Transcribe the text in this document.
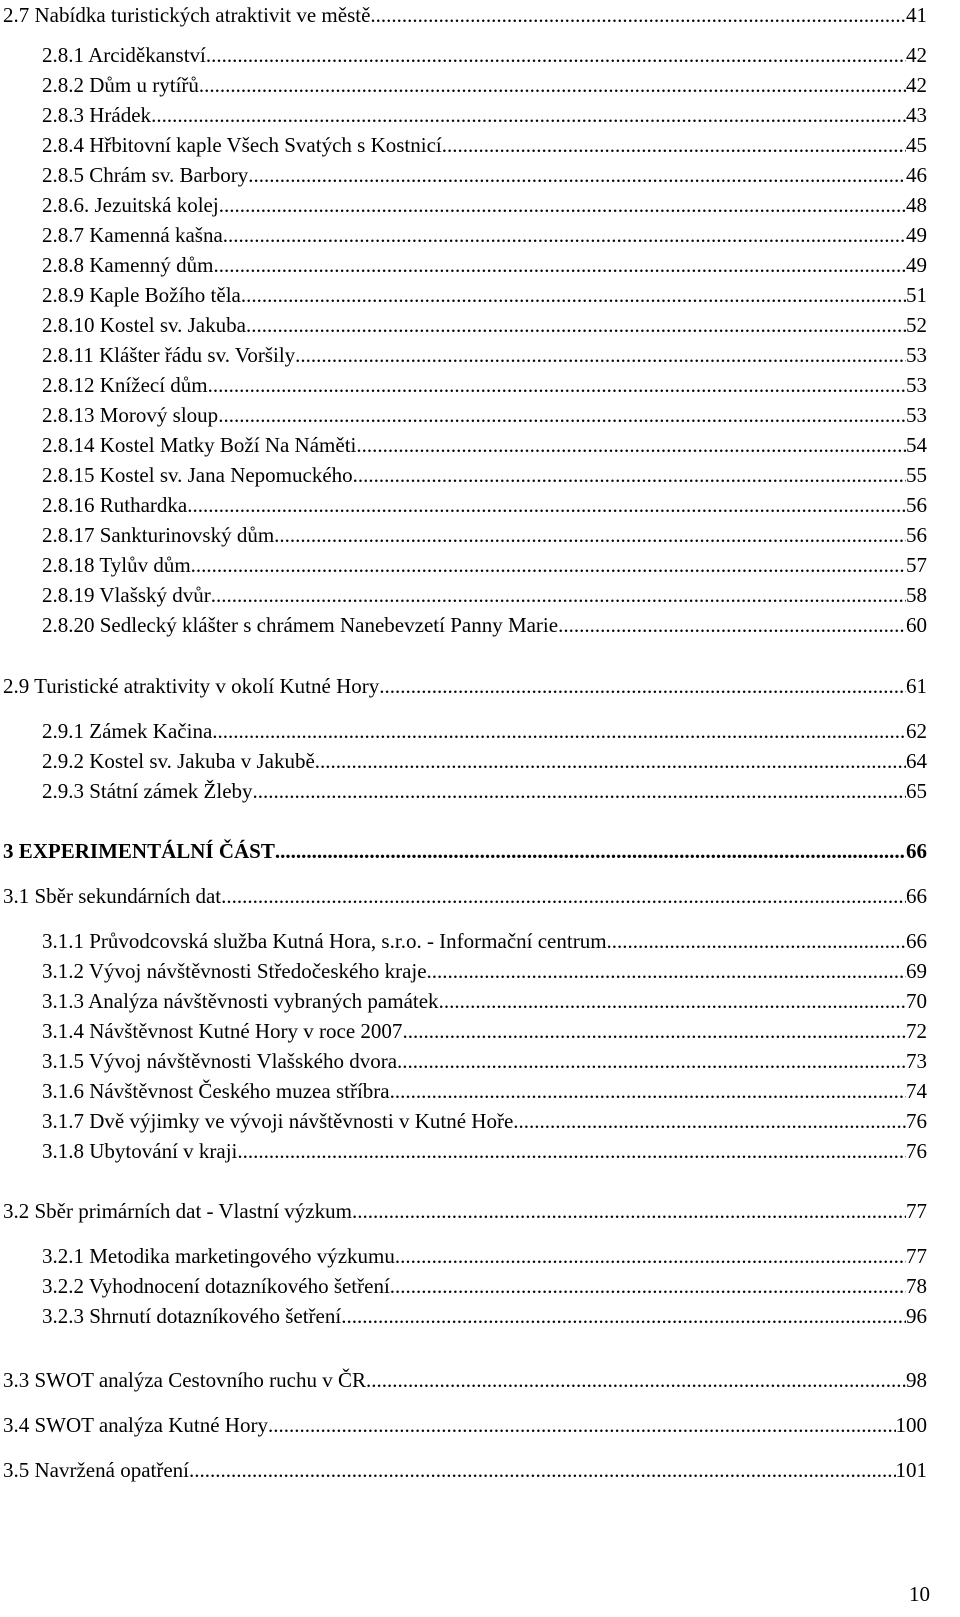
2.7 Nabídka turistických atraktivit ve městě .....	41
2.8.1 Arciděkanství .....	42
2.8.2 Dům u rytířů .....	42
2.8.3 Hrádek .....	43
2.8.4 Hřbitovní kaple Všech Svatých s Kostnicí .....	45
2.8.5 Chrám sv. Barbory .....	46
2.8.6. Jezuitská kolej .....	48
2.8.7 Kamenná kašna .....	49
2.8.8 Kamenný dům .....	49
2.8.9 Kaple Božího těla .....	51
2.8.10 Kostel sv. Jakuba .....	52
2.8.11 Klášter řádu sv. Voršily .....	53
2.8.12 Knížecí dům .....	53
2.8.13 Morový sloup .....	53
2.8.14 Kostel Matky Boží Na Náměti .....	54
2.8.15 Kostel sv. Jana Nepomuckého .....	55
2.8.16 Ruthardka .....	56
2.8.17 Sankturinovský dům .....	56
2.8.18 Tylův dům .....	57
2.8.19 Vlašský dvůr .....	58
2.8.20 Sedlecký klášter s chrámem Nanebevzetí Panny Marie .....	60
2.9 Turistické atraktivity v okolí Kutné Hory .....	61
2.9.1 Zámek Kačina .....	62
2.9.2 Kostel sv. Jakuba v Jakubě .....	64
2.9.3 Státní zámek Žleby .....	65
3 EXPERIMENTÁLNÍ ČÁST .....	66
3.1 Sběr sekundárních dat .....	66
3.1.1 Průvodcovská služba Kutná Hora, s.r.o. - Informační centrum .....	66
3.1.2 Vývoj návštěvnosti Středočeského kraje .....	69
3.1.3 Analýza návštěvnosti vybraných památek .....	70
3.1.4 Návštěvnost Kutné Hory v roce 2007 .....	72
3.1.5 Vývoj návštěvnosti Vlašského dvora .....	73
3.1.6 Návštěvnost Českého muzea stříbra .....	74
3.1.7 Dvě výjimky ve vývoji návštěvnosti v Kutné Hoře .....	76
3.1.8 Ubytování v kraji .....	76
3.2 Sběr primárních dat - Vlastní výzkum .....	77
3.2.1 Metodika marketingového výzkumu .....	77
3.2.2 Vyhodnocení dotazníkového šetření .....	78
3.2.3 Shrnutí dotazníkového šetření .....	96
3.3 SWOT analýza Cestovního ruchu v ČR .....	98
3.4 SWOT analýza Kutné Hory .....	100
3.5 Navržená opatření .....	101
10
